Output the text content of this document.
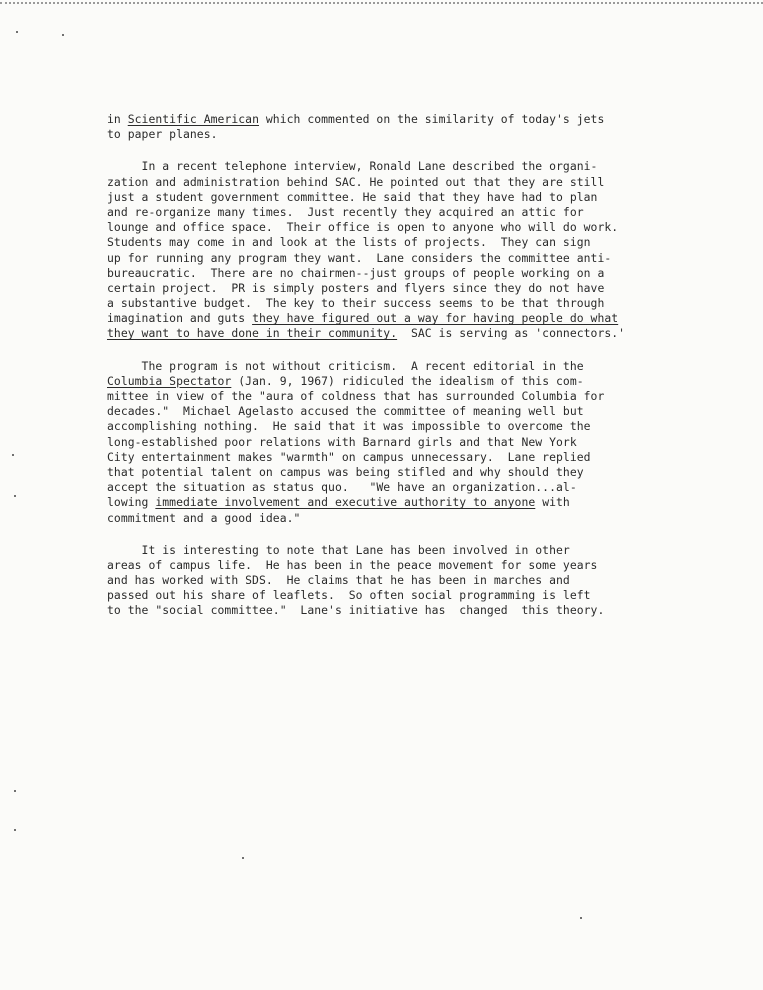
in Scientific American which commented on the similarity of today's jets
to paper planes.
In a recent telephone interview, Ronald Lane described the organi-
zation and administration behind SAC. He pointed out that they are still
just a student government committee. He said that they have had to plan
and re-organize many times.  Just recently they acquired an attic for
lounge and office space.  Their office is open to anyone who will do work.
Students may come in and look at the lists of projects.  They can sign
up for running any program they want.  Lane considers the committee anti-
bureaucratic.  There are no chairmen--just groups of people working on a
certain project.  PR is simply posters and flyers since they do not have
a substantive budget.  The key to their success seems to be that through
imagination and guts they have figured out a way for having people do what
they want to have done in their community.  SAC is serving as 'connectors.'
The program is not without criticism.  A recent editorial in the
Columbia Spectator (Jan. 9, 1967) ridiculed the idealism of this com-
mittee in view of the "aura of coldness that has surrounded Columbia for
decades."  Michael Agelasto accused the committee of meaning well but
accomplishing nothing.  He said that it was impossible to overcome the
long-established poor relations with Barnard girls and that New York
City entertainment makes "warmth" on campus unnecessary.  Lane replied
that potential talent on campus was being stifled and why should they
accept the situation as status quo.   "We have an organization...al-
lowing immediate involvement and executive authority to anyone with
commitment and a good idea."
It is interesting to note that Lane has been involved in other
areas of campus life.  He has been in the peace movement for some years
and has worked with SDS.  He claims that he has been in marches and
passed out his share of leaflets.  So often social programming is left
to the "social committee."  Lane's initiative has  changed  this theory.
